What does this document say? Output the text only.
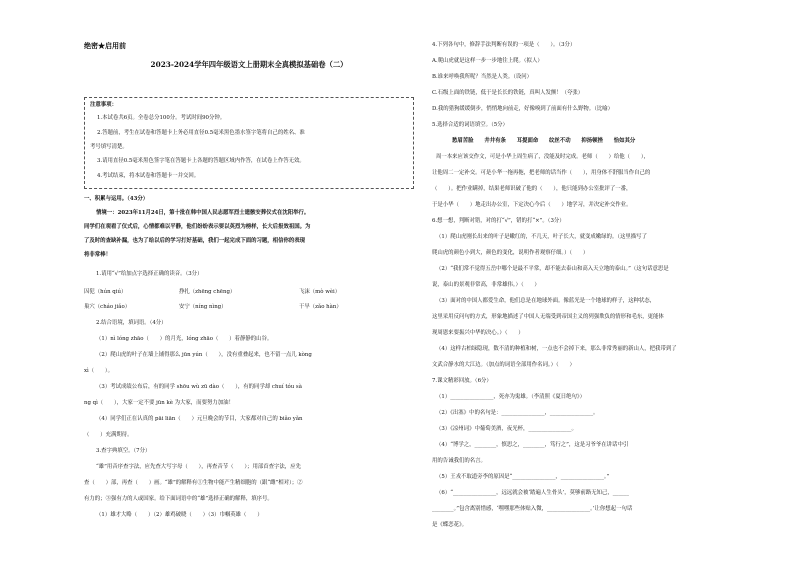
绝密★启用前
2023-2024学年四年级语文上册期末全真模拟基础卷（二）
注意事项：
1.本试卷共6页。全卷总分100分。考试时间90分钟。
2.答题前，考生在试卷和答题卡上务必用直径0.5毫米黑色墨水签字笔将自己的姓名、准
考号填写清楚。
3.请用直径0.5毫米黑色签字笔在答题卡上各题的答题区域内作答，在试卷上作答无效。
4.考试结束，将本试卷和答题卡一并交回。
一、积累与运用。（43分）
情境一：2023年11月24日，第十批在韩中国人民志愿军烈士遗骸安葬仪式在沈阳举行。
同学们在观看了仪式后，心情都难以平静，他们纷纷表示要以英烈为榜样，长大后报效祖国。为
了及时的查缺补漏，也为了给以后的学习打好基础，我们一起完成下面的习题，相信你的表现
将非常棒！
1.请用“√”给加点字选择正确的读音。（3分）
囚犯（hún qiú）	挣扎（zhēng chēng）	飞沫（mò wèi）
巢穴（cháo jiǎo）	安宁（níng nìng）	干旱（zǎo hàn）
2.结合语境，填词语。（4分）
（1）nì lóng zhāo（　　）的月光，lóng zhāo（　　）着静静的山谷。
（2）爬山虎的叶子在墙上铺得那么 jūn yún（　　），没有重叠起来，也不留一点儿 kòng
xì（　　）。
（3）考试成绩公布后，有的同学 shōu wù zū dào（　　），有的同学却 chuí tóu sà
ng qì（　　），大家一定不要 jūn kè 为大家，而要努力加油！
（4）同学们正在认真的 pāi liān（　　）元旦晚会的节目，大家都对自己的 biǎo yǎn
（　　）充满期待。
3.查字典填空。（7分）
“雄”用音序查字法，应先查大写字母（　　），再查音节（　　）；用部首查字法，应先
查（　　）部，再查（　　）画。“雄”的解释有①生物中能产生精细胞的（跟“雌”相对）；②
有力的；③强有力的人或国家。给下面词语中的“雄”选择正确的解释，填序号。
（1）雄才大略（　　）（2）雄鸡破晓（　　）（3）巾帼英雄（　　）
4.下列各句中，修辞手法判断有误的一项是（　　）。（3分）
A.爬山虎就是这样一步一步地往上爬。（拟人）
B.谁来呼唤我所呢？当然是人类。（设问）
C.石级上面的铁链，低于是长长的铁链，真叫人发颤！（夸张）
D.我的猎狗缓缓倒步，悄悄地向前走，好像嗅到了前面有什么野物。（比喻）
5.选择合适的词语填空。（5分）
愁眉苦脸　　井井有条　　耳提面命　　纹丝不动　　抑扬顿挫　　恰如其分
周一本来应该交作文，可是小华上周生病了，没能及时完成。老师（　　）给他（　　），
让他周二一定补交。可是小华一拖再拖，把老师的话当作（　　），用身体不舒服当作自己的
（　　）。把作业瞒掉，结果老师识破了他的（　　），他只能到办公室批评了一番，
于是小华（　　）地走出办公室，下定决心今后（　　）地学习，并决定补交作业。
6.想一想，判断对错，对的打“√”，错的打“×”。（3分）
（1）爬山虎刚长出来的叶子是嫩红的，不几天，叶子长大，就变成嫩绿的。（这里描写了
爬山虎的颜色小到大，颜色的变化，说明作者观察仔细。）（　　）
（2）“我们常不觉得五岳中哪个是最不平常，却不能去泰山和高入天立地的泰山。”（这句话意思是
说，泰山的景观非常高，非常雄伟。）（　　）
（3）面对的中国人都爱生命，他们总是在地球外面。像蓝光是一个地球的样子，这种状态，
这里采用反问句的方式，形象地描述了中国人无端受到帝国主义的列强欺负的情形和毛东，更能体
现周恩来要振兴中华的决心。）（　　）
（4）这样古柏绿隐现，数不清的种植和树，一点也不会掉下来，那么非常秀丽的新山人，把我带到了
文武合静水的大江边。（加点的词语全部用作名词。）（　　）
7.课文精彩回放。（6分）
（1）________________，死亦为鬼雄。（李清照《夏日绝句》）
（2）《出塞》中的名句是：________________，________________。
（3）《凉州词》中葡萄美酒，夜光杯，________________。
（4）“博学之，________，慎思之，________，笃行之”，这是习爷爷在讲话中引
用的告诫我们的名言。
（5）王戎不取道旁李的原因是“________________，________________。”
（6）“________________，远远就会被‘踏遍人生骨头’，莫够前路无知己，______
________。”包含离别惜感，‘嘿嘿那些体贴入微，________________。’让你想起一句话
是《蝶恋花》。
